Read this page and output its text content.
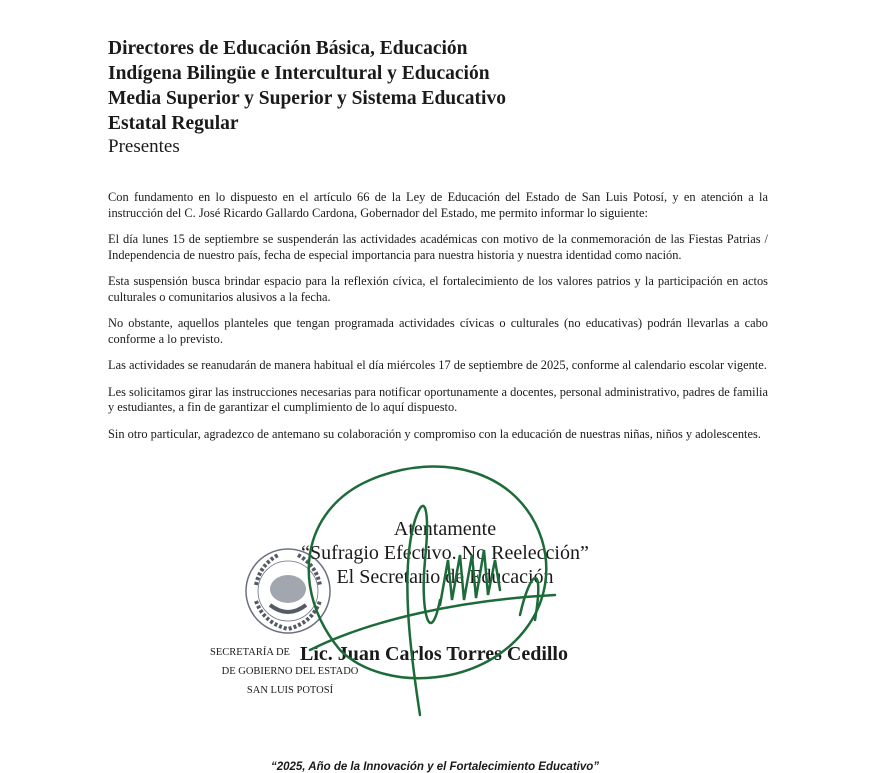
Directores de Educación Básica, Educación
Indígena Bilingüe e Intercultural y Educación
Media Superior y Superior y Sistema Educativo
Estatal Regular
Presentes

Con fundamento en lo dispuesto en el artículo 66 de la Ley de Educación del Estado de San Luis Potosí, y en atención a la instrucción del C. José Ricardo Gallardo Cardona, Gobernador del Estado, me permito informar lo siguiente:

El día lunes 15 de septiembre se suspenderán las actividades académicas con motivo de la conmemoración de las Fiestas Patrias / Independencia de nuestro país, fecha de especial importancia para nuestra historia y nuestra identidad como nación.

Esta suspensión busca brindar espacio para la reflexión cívica, el fortalecimiento de los valores patrios y la participación en actos culturales o comunitarios alusivos a la fecha.

No obstante, aquellos planteles que tengan programada actividades cívicas o culturales (no educativas) podrán llevarlas a cabo conforme a lo previsto.

Las actividades se reanudarán de manera habitual el día miércoles 17 de septiembre de 2025, conforme al calendario escolar vigente.

Les solicitamos girar las instrucciones necesarias para notificar oportunamente a docentes, personal administrativo, padres de familia y estudiantes, a fin de garantizar el cumplimiento de lo aquí dispuesto.

Sin otro particular, agradezco de antemano su colaboración y compromiso con la educación de nuestras niñas, niños y adolescentes.

Atentamente
“Sufragio Efectivo. No Reelección”
El Secretario de Educación
SECRETARÍA DE
DE GOBIERNO DEL ESTADO
SAN LUIS POTOSÍ
Lic. Juan Carlos Torres Cedillo
“2025, Año de la Innovación y el Fortalecimiento Educativo”
